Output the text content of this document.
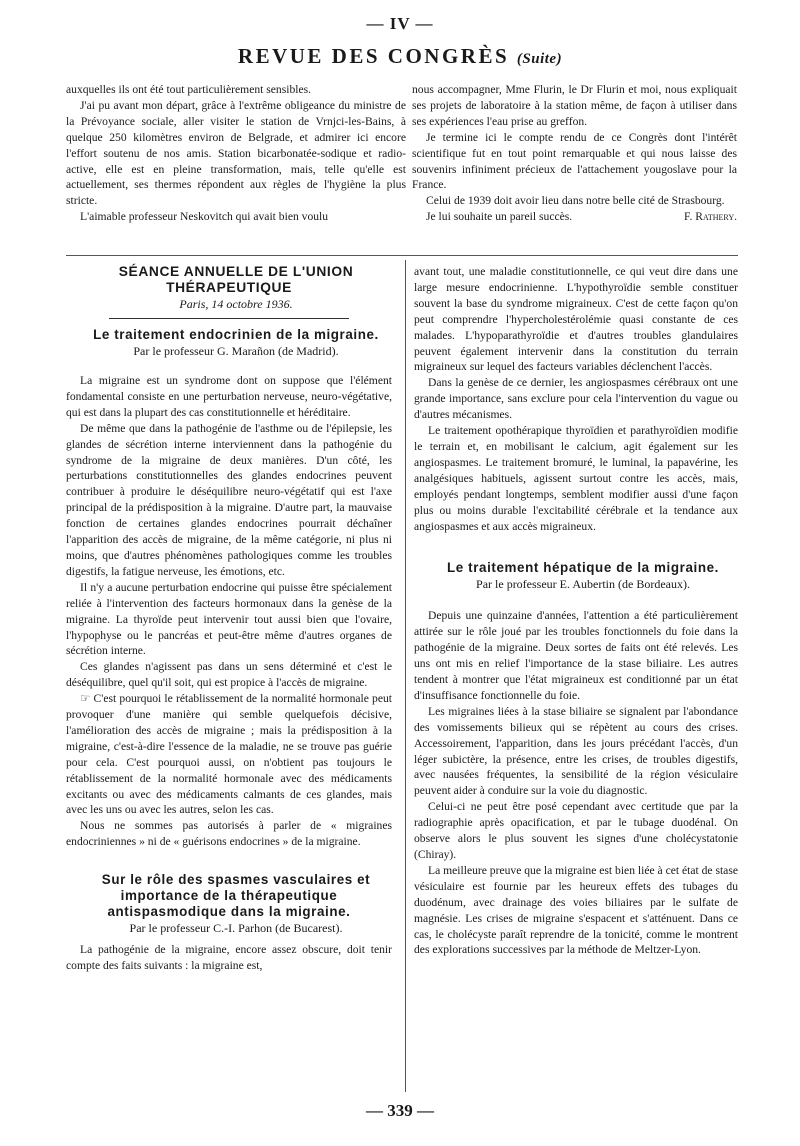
— IV —
REVUE DES CONGRÈS (Suite)

auxquelles ils ont été tout particulièrement sensibles.

J'ai pu avant mon départ, grâce à l'extrême obligeance du ministre de la Prévoyance sociale, aller visiter le station de Vrnjci-les-Bains, à quelque 250 kilomètres environ de Belgrade, et admirer ici encore l'effort soutenu de nos amis. Station bicarbonatée-sodique et radio-active, elle est en pleine transformation, mais, telle qu'elle est actuellement, ses thermes répondent aux règles de l'hygiène la plus stricte.

L'aimable professeur Neskovitch qui avait bien voulu

nous accompagner, Mme Flurin, le Dr Flurin et moi, nous expliquait ses projets de laboratoire à la station même, de façon à utiliser dans ses expériences l'eau prise au greffon.

Je termine ici le compte rendu de ce Congrès dont l'intérêt scientifique fut en tout point remarquable et qui nous laisse des souvenirs infiniment précieux de l'attachement yougoslave pour la France.

Celui de 1939 doit avoir lieu dans notre belle cité de Strasbourg.

Je lui souhaite un pareil succès.	F. Rathery.

SÉANCE ANNUELLE DE L'UNION THÉRAPEUTIQUE

Paris, 14 octobre 1936.

Le traitement endocrinien de la migraine.

Par le professeur G. Marañon (de Madrid).

La migraine est un syndrome dont on suppose que l'élément fondamental consiste en une perturbation nerveuse, neuro-végétative, qui est dans la plupart des cas constitutionnelle et héréditaire.

De même que dans la pathogénie de l'asthme ou de l'épilepsie, les glandes de sécrétion interne interviennent dans la pathogénie du syndrome de la migraine de deux manières. D'un côté, les perturbations constitutionnelles des glandes endocrines peuvent contribuer à produire le déséquilibre neuro-végétatif qui est l'axe principal de la prédisposition à la migraine. D'autre part, la mauvaise fonction de certaines glandes endocrines pourrait déchaîner l'apparition des accès de migraine, de la même catégorie, ni plus ni moins, que d'autres phénomènes pathologiques comme les troubles digestifs, la fatigue nerveuse, les émotions, etc.

Il n'y a aucune perturbation endocrine qui puisse être spécialement reliée à l'intervention des facteurs hormonaux dans la genèse de la migraine. La thyroïde peut intervenir tout aussi bien que l'ovaire, l'hypophyse ou le pancréas et peut-être même d'autres organes de sécrétion interne.

Ces glandes n'agissent pas dans un sens déterminé et c'est le déséquilibre, quel qu'il soit, qui est propice à l'accès de migraine.

☞ C'est pourquoi le rétablissement de la normalité hormonale peut provoquer d'une manière qui semble quelquefois décisive, l'amélioration des accès de migraine ; mais la prédisposition à la migraine, c'est-à-dire l'essence de la maladie, ne se trouve pas guérie pour cela. C'est pourquoi aussi, on n'obtient pas toujours le rétablissement de la normalité hormonale avec des médicaments excitants ou avec des médicaments calmants de ces glandes, mais avec les uns ou avec les autres, selon les cas.

Nous ne sommes pas autorisés à parler de « migraines endocriniennes » ni de « guérisons endocrines » de la migraine.

Sur le rôle des spasmes vasculaires et importance de la thérapeutique antispasmodique dans la migraine.

Par le professeur C.-I. Parhon (de Bucarest).

La pathogénie de la migraine, encore assez obscure, doit tenir compte des faits suivants : la migraine est,

avant tout, une maladie constitutionnelle, ce qui veut dire dans une large mesure endocrinienne. L'hypothyroïdie semble constituer souvent la base du syndrome migraineux. C'est de cette façon qu'on peut comprendre l'hypercholestérolémie quasi constante de ces malades. L'hypoparathyroïdie et d'autres troubles glandulaires peuvent également intervenir dans la constitution du terrain migraineux sur lequel des facteurs variables déclenchent l'accès.

Dans la genèse de ce dernier, les angiospasmes cérébraux ont une grande importance, sans exclure pour cela l'intervention du vague ou d'autres mécanismes.

Le traitement opothérapique thyroïdien et parathyroïdien modifie le terrain et, en mobilisant le calcium, agit également sur les angiospasmes. Le traitement bromuré, le luminal, la papavérine, les analgésiques habituels, agissent surtout contre les accès, mais, employés pendant longtemps, semblent modifier aussi d'une façon plus ou moins durable l'excitabilité cérébrale et la tendance aux angiospasmes et aux accès migraineux.

Le traitement hépatique de la migraine.

Par le professeur E. Aubertin (de Bordeaux).

Depuis une quinzaine d'années, l'attention a été particulièrement attirée sur le rôle joué par les troubles fonctionnels du foie dans la pathogénie de la migraine. Deux sortes de faits ont été relevés. Les uns ont mis en relief l'importance de la stase biliaire. Les autres tendent à montrer que l'état migraineux est conditionné par un état d'insuffisance fonctionnelle du foie.

Les migraines liées à la stase biliaire se signalent par l'abondance des vomissements bilieux qui se répètent au cours des crises. Accessoirement, l'apparition, dans les jours précédant l'accès, d'un léger subictère, la présence, entre les crises, de troubles digestifs, avec nausées fréquentes, la sensibilité de la région vésiculaire peuvent aider à conduire sur la voie du diagnostic.

Celui-ci ne peut être posé cependant avec certitude que par la radiographie après opacification, et par le tubage duodénal. On observe alors le plus souvent les signes d'une cholécystatonie (Chiray).

La meilleure preuve que la migraine est bien liée à cet état de stase vésiculaire est fournie par les heureux effets des tubages du duodénum, avec drainage des voies biliaires par le sulfate de magnésie. Les crises de migraine s'espacent et s'atténuent. Dans ce cas, le cholécyste paraît reprendre de la tonicité, comme le montrent des explorations successives par la méthode de Meltzer-Lyon.

— 339 —
